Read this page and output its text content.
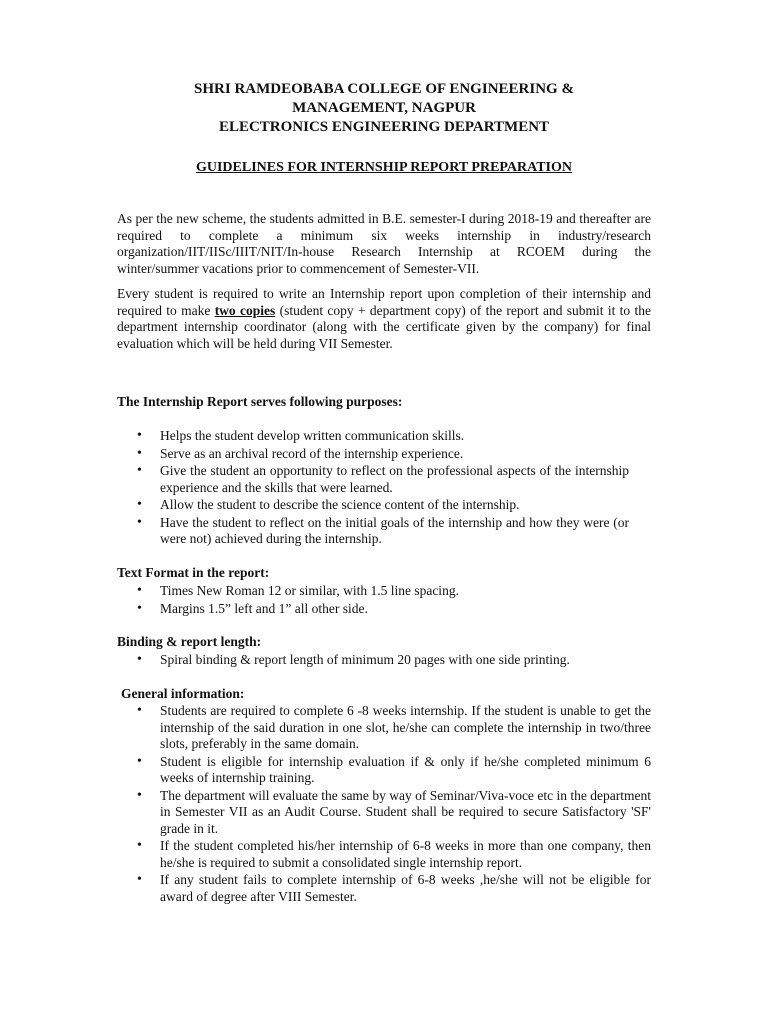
SHRI RAMDEOBABA COLLEGE OF ENGINEERING &
MANAGEMENT, NAGPUR
ELECTRONICS ENGINEERING DEPARTMENT
GUIDELINES FOR INTERNSHIP REPORT PREPARATION

As per the new scheme, the students admitted in B.E. semester-I during 2018-19 and thereafter are required to complete a minimum six weeks internship in industry/research organization/IIT/IISc/IIIT/NIT/In-house Research Internship at RCOEM during the winter/summer vacations prior to commencement of Semester-VII.

Every student is required to write an Internship report upon completion of their internship and required to make two copies (student copy + department copy) of the report and submit it to the department internship coordinator (along with the certificate given by the company) for final evaluation which will be held during VII Semester.

The Internship Report serves following purposes:
• Helps the student develop written communication skills.
• Serve as an archival record of the internship experience.
• Give the student an opportunity to reflect on the professional aspects of the internship experience and the skills that were learned.
• Allow the student to describe the science content of the internship.
• Have the student to reflect on the initial goals of the internship and how they were (or were not) achieved during the internship.
Text Format in the report:
• Times New Roman 12 or similar, with 1.5 line spacing.
• Margins 1.5” left and 1” all other side.
Binding & report length:
• Spiral binding & report length of minimum 20 pages with one side printing.
General information:
• Students are required to complete 6 -8 weeks internship. If the student is unable to get the internship of the said duration in one slot, he/she can complete the internship in two/three slots, preferably in the same domain.
• Student is eligible for internship evaluation if & only if he/she completed minimum 6 weeks of internship training.
• The department will evaluate the same by way of Seminar/Viva-voce etc in the department in Semester VII as an Audit Course. Student shall be required to secure Satisfactory 'SF' grade in it.
• If the student completed his/her internship of 6-8 weeks in more than one company, then he/she is required to submit a consolidated single internship report.
• If any student fails to complete internship of 6-8 weeks ,he/she will not be eligible for award of degree after VIII Semester.
